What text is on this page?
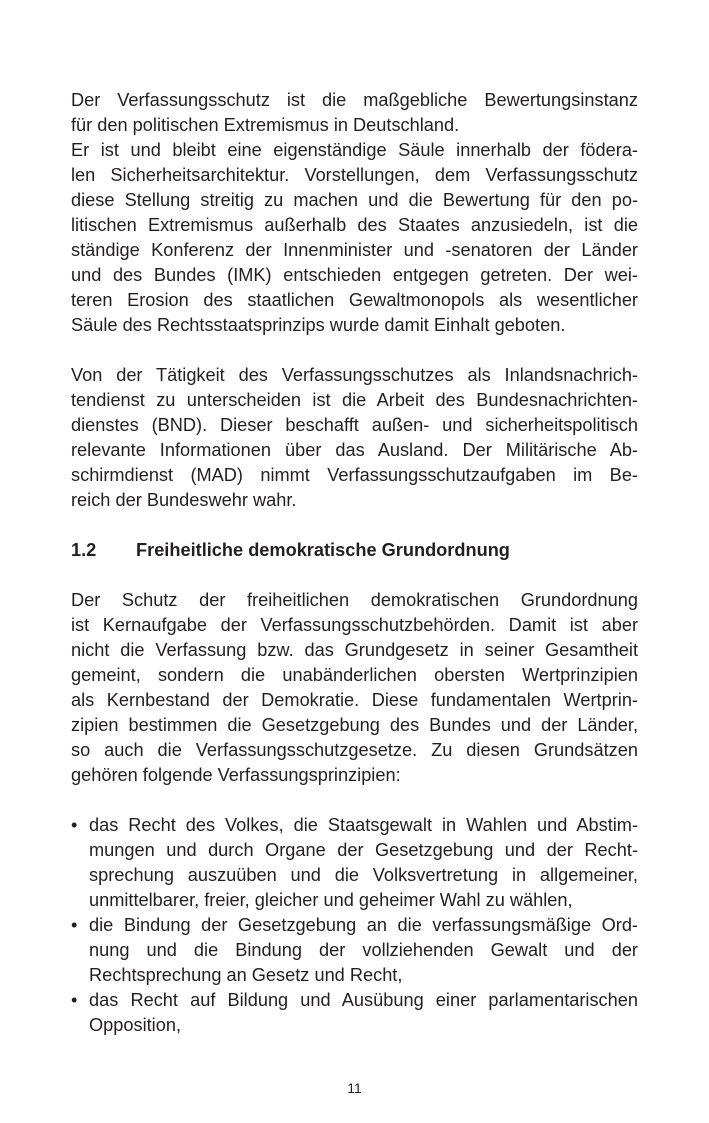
Der Verfassungsschutz ist die maßgebliche Bewertungsinstanz
für den politischen Extremismus in Deutschland.
Er ist und bleibt eine eigenständige Säule innerhalb der föderа-
len Sicherheitsarchitektur. Vorstellungen, dem Verfassungsschutz
diese Stellung streitig zu machen und die Bewertung für den po-
litischen Extremismus außerhalb des Staates anzusiedeln, ist die
ständige Konferenz der Innenminister und -senatoren der Länder
und des Bundes (IMK) entschieden entgegen getreten. Der wei-
teren Erosion des staatlichen Gewaltmonopols als wesentlicher
Säule des Rechtsstaatsprinzips wurde damit Einhalt geboten.
Von der Tätigkeit des Verfassungsschutzes als Inlandsnachrich-
tendienst zu unterscheiden ist die Arbeit des Bundesnachrichten-
dienstes (BND). Dieser beschafft außen- und sicherheitspolitisch
relevante Informationen über das Ausland. Der Militärische Ab-
schirmdienst (MAD) nimmt Verfassungsschutzaufgaben im Be-
reich der Bundeswehr wahr.
1.2 Freiheitliche demokratische Grundordnung
Der Schutz der freiheitlichen demokratischen Grundordnung
ist Kernaufgabe der Verfassungsschutzbehörden. Damit ist aber
nicht die Verfassung bzw. das Grundgesetz in seiner Gesamtheit
gemeint, sondern die unabänderlichen obersten Wertprinzipien
als Kernbestand der Demokratie. Diese fundamentalen Wertprin-
zipien bestimmen die Gesetzgebung des Bundes und der Länder,
so auch die Verfassungsschutzgesetze. Zu diesen Grundsätzen
gehören folgende Verfassungsprinzipien:
• das Recht des Volkes, die Staatsgewalt in Wahlen und Abstim-
mungen und durch Organe der Gesetzgebung und der Recht-
sprechung auszuüben und die Volksvertretung in allgemeiner,
unmittelbarer, freier, gleicher und geheimer Wahl zu wählen,
• die Bindung der Gesetzgebung an die verfassungsmäßige Ord-
nung und die Bindung der vollziehenden Gewalt und der
Rechtsprechung an Gesetz und Recht,
• das Recht auf Bildung und Ausübung einer parlamentarischen
Opposition,
11
